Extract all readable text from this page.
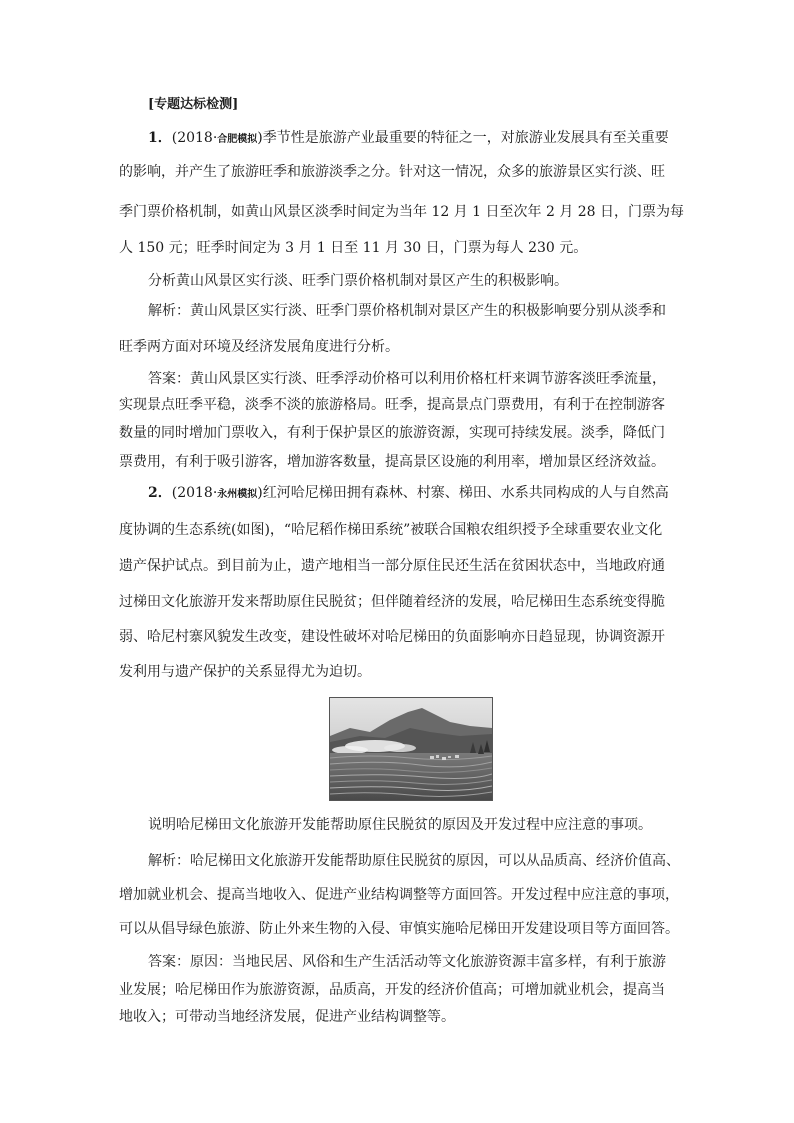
[专题达标检测]
1．(2018·合肥模拟)季节性是旅游产业最重要的特征之一，对旅游业发展具有至关重要
的影响，并产生了旅游旺季和旅游淡季之分。针对这一情况，众多的旅游景区实行淡、旺
季门票价格机制，如黄山风景区淡季时间定为当年 12 月 1 日至次年 2 月 28 日，门票为每
人 150 元；旺季时间定为 3 月 1 日至 11 月 30 日，门票为每人 230 元。
分析黄山风景区实行淡、旺季门票价格机制对景区产生的积极影响。
解析：黄山风景区实行淡、旺季门票价格机制对景区产生的积极影响要分别从淡季和
旺季两方面对环境及经济发展角度进行分析。
答案：黄山风景区实行淡、旺季浮动价格可以利用价格杠杆来调节游客淡旺季流量，
实现景点旺季平稳，淡季不淡的旅游格局。旺季，提高景点门票费用，有利于在控制游客
数量的同时增加门票收入，有利于保护景区的旅游资源，实现可持续发展。淡季，降低门
票费用，有利于吸引游客，增加游客数量，提高景区设施的利用率，增加景区经济效益。
2．(2018·永州模拟)红河哈尼梯田拥有森林、村寨、梯田、水系共同构成的人与自然高
度协调的生态系统(如图)，“哈尼稻作梯田系统”被联合国粮农组织授予全球重要农业文化
遗产保护试点。到目前为止，遗产地相当一部分原住民还生活在贫困状态中，当地政府通
过梯田文化旅游开发来帮助原住民脱贫；但伴随着经济的发展，哈尼梯田生态系统变得脆
弱、哈尼村寨风貌发生改变，建设性破坏对哈尼梯田的负面影响亦日趋显现，协调资源开
发利用与遗产保护的关系显得尤为迫切。
说明哈尼梯田文化旅游开发能帮助原住民脱贫的原因及开发过程中应注意的事项。
解析：哈尼梯田文化旅游开发能帮助原住民脱贫的原因，可以从品质高、经济价值高、
增加就业机会、提高当地收入、促进产业结构调整等方面回答。开发过程中应注意的事项，
可以从倡导绿色旅游、防止外来生物的入侵、审慎实施哈尼梯田开发建设项目等方面回答。
答案：原因：当地民居、风俗和生产生活活动等文化旅游资源丰富多样，有利于旅游
业发展；哈尼梯田作为旅游资源，品质高，开发的经济价值高；可增加就业机会，提高当
地收入；可带动当地经济发展，促进产业结构调整等。
